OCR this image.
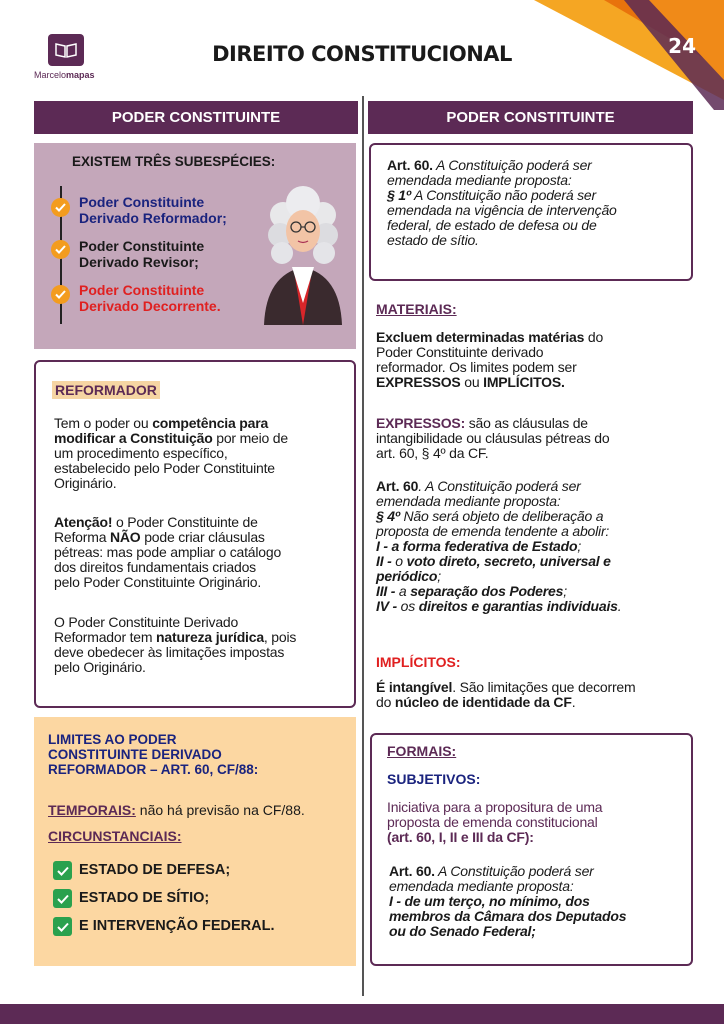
24
Marcelomapas
DIREITO CONSTITUCIONAL
PODER CONSTITUINTE	PODER CONSTITUINTE
EXISTEM TRÊS SUBESPÉCIES:
Poder Constituinte
Derivado Reformador;
Poder Constituinte
Derivado Revisor;
Poder Constituinte
Derivado Decorrente.
REFORMADOR
Tem o poder ou competência para
modificar a Constituição por meio de
um procedimento específico,
estabelecido pelo Poder Constituinte
Originário.
Atenção! o Poder Constituinte de
Reforma NÃO pode criar cláusulas
pétreas: mas pode ampliar o catálogo
dos direitos fundamentais criados
pelo Poder Constituinte Originário.
O Poder Constituinte Derivado
Reformador tem natureza jurídica, pois
deve obedecer às limitações impostas
pelo Originário.
LIMITES AO PODER
CONSTITUINTE DERIVADO
REFORMADOR – ART. 60, CF/88:
TEMPORAIS: não há previsão na CF/88.
CIRCUNSTANCIAIS:
ESTADO DE DEFESA;
ESTADO DE SÍTIO;
E INTERVENÇÃO FEDERAL.
Art. 60. A Constituição poderá ser
emendada mediante proposta:
§ 1º A Constituição não poderá ser
emendada na vigência de intervenção
federal, de estado de defesa ou de
estado de sítio.
MATERIAIS:
Excluem determinadas matérias do
Poder Constituinte derivado
reformador. Os limites podem ser
EXPRESSOS ou IMPLÍCITOS.
EXPRESSOS: são as cláusulas de
intangibilidade ou cláusulas pétreas do
art. 60, § 4º da CF.
Art. 60. A Constituição poderá ser
emendada mediante proposta:
§ 4º Não será objeto de deliberação a
proposta de emenda tendente a abolir:
I - a forma federativa de Estado;
II - o voto direto, secreto, universal e
periódico;
III - a separação dos Poderes;
IV - os direitos e garantias individuais.
IMPLÍCITOS:
É intangível. São limitações que decorrem
do núcleo de identidade da CF.
FORMAIS:
SUBJETIVOS:
Iniciativa para a propositura de uma
proposta de emenda constitucional
(art. 60, I, II e III da CF):
Art. 60. A Constituição poderá ser
emendada mediante proposta:
I - de um terço, no mínimo, dos
membros da Câmara dos Deputados
ou do Senado Federal;
